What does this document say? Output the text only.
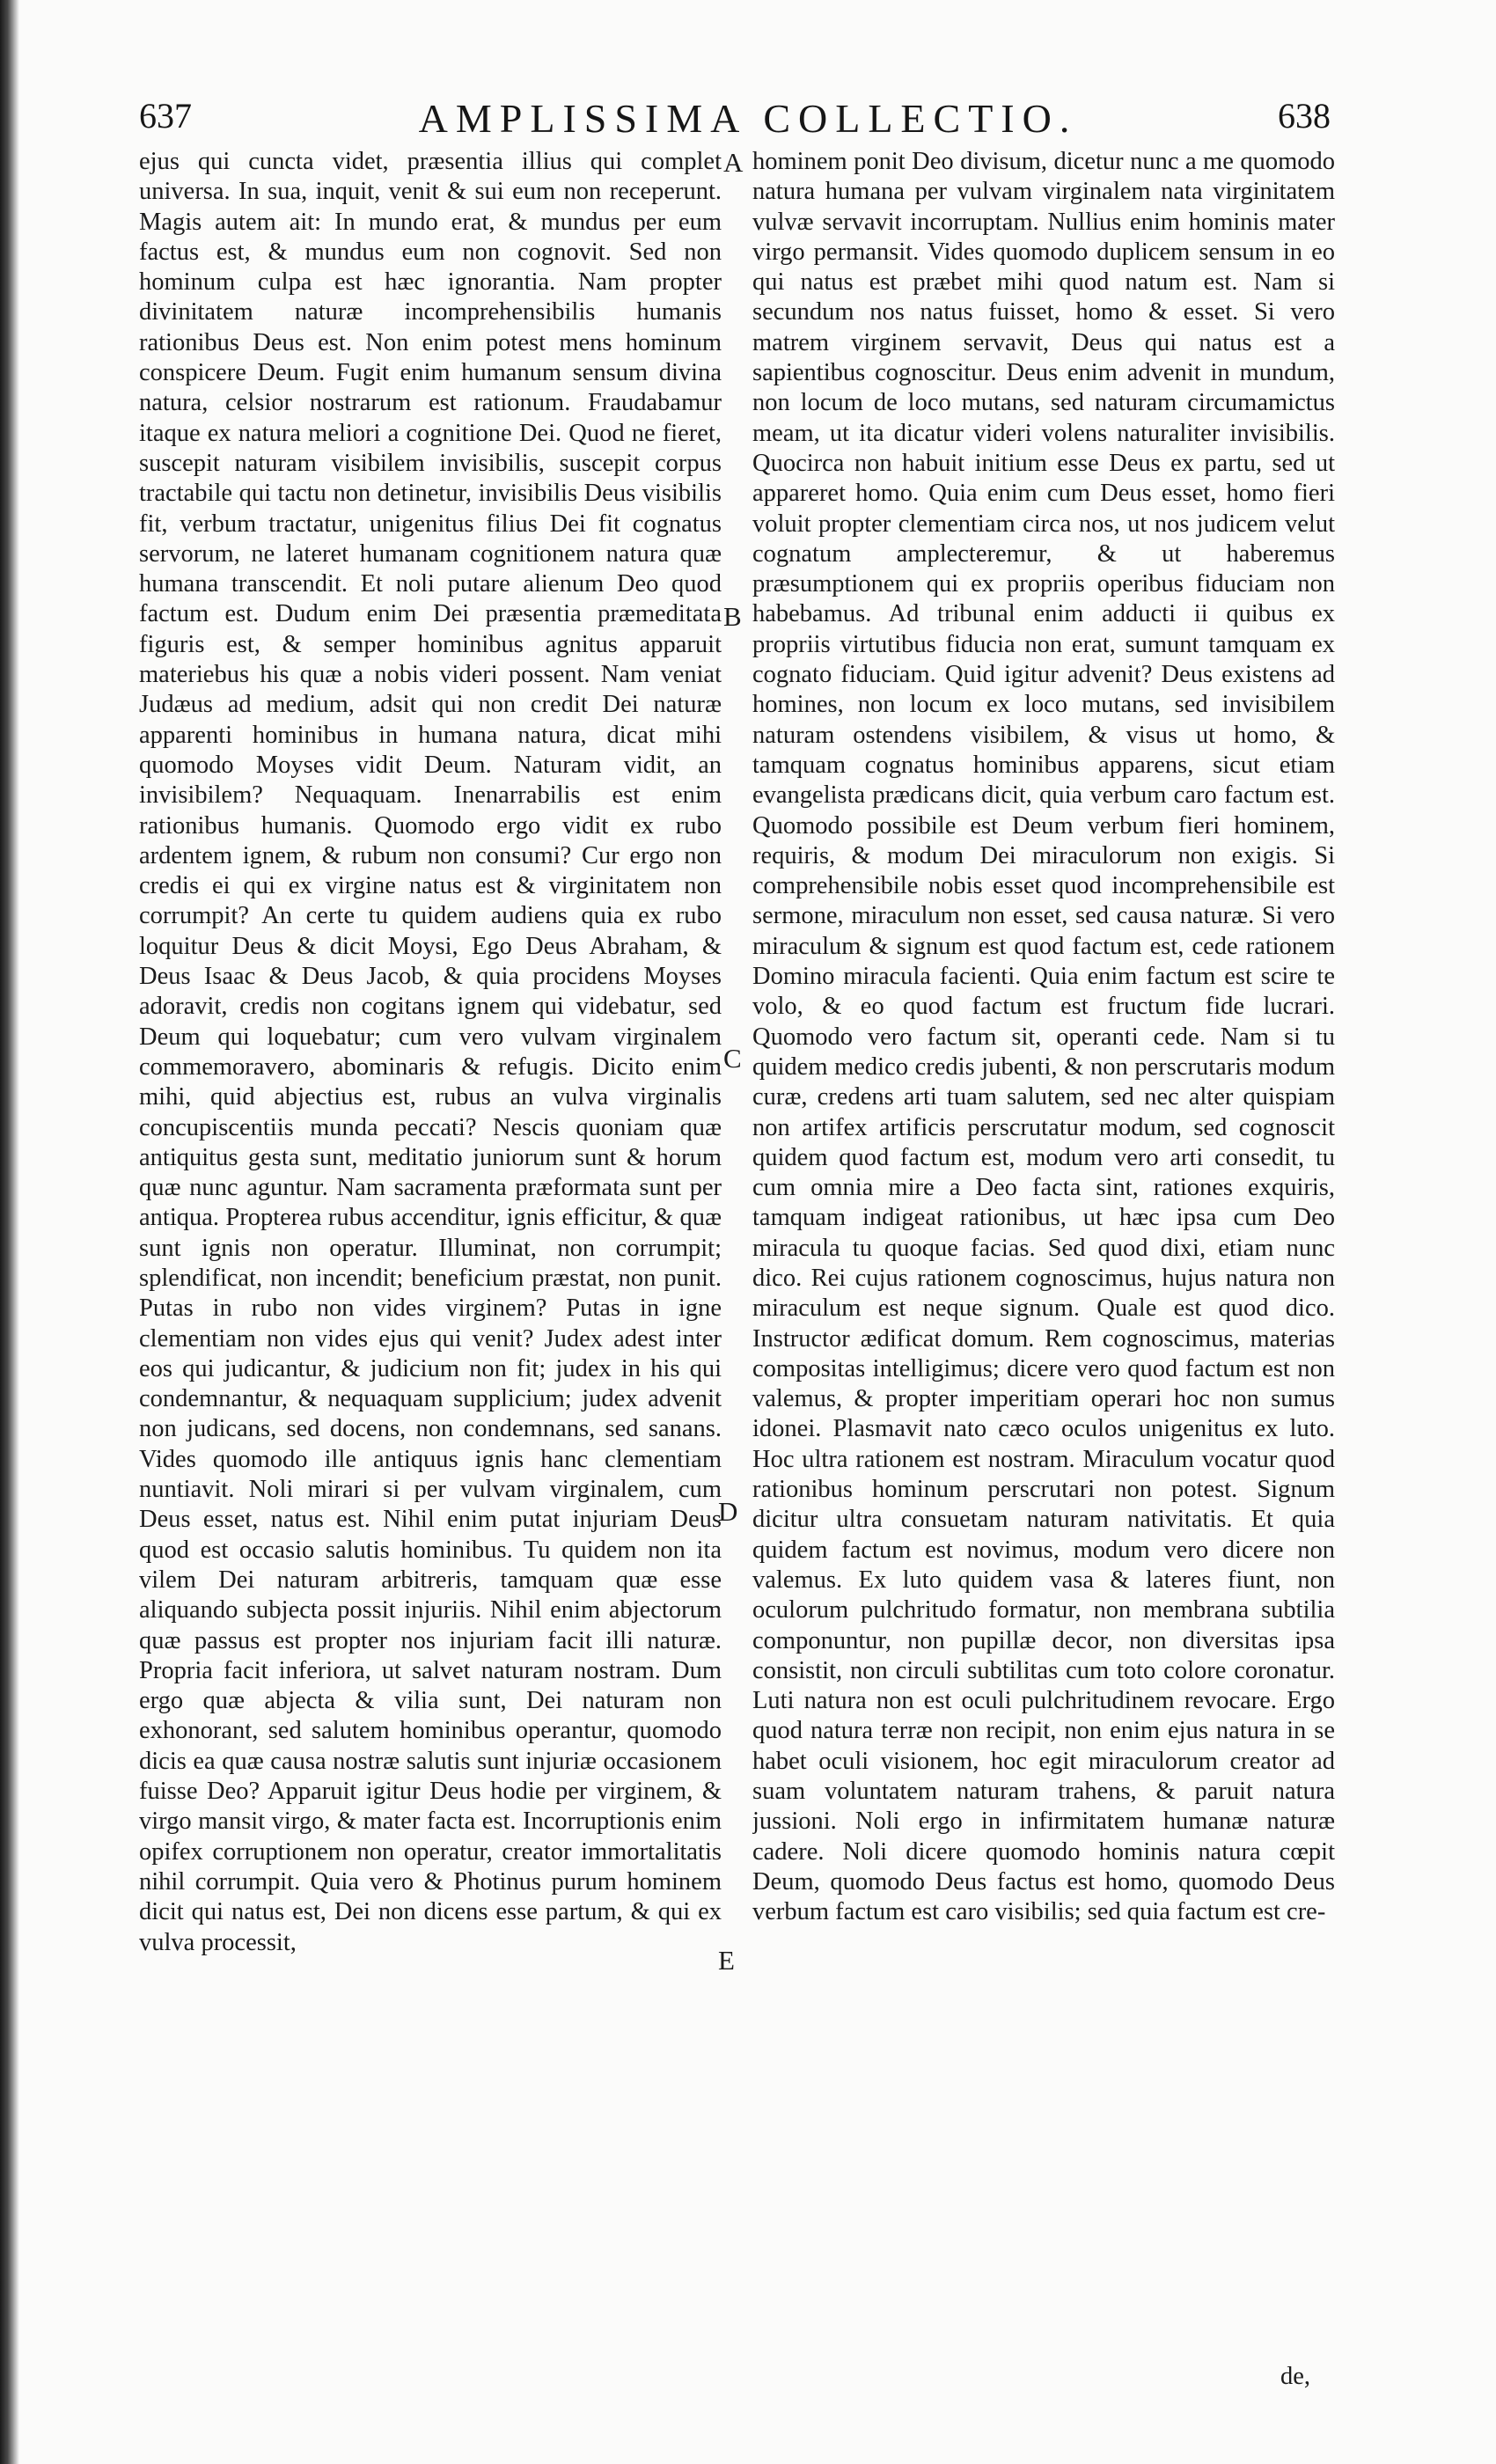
637	AMPLISSIMA COLLECTIO.	638

ejus qui cuncta videt, præsentia illius qui complet universa. In sua, inquit, venit & sui eum non receperunt. Magis autem ait: In mundo erat, & mundus per eum factus est, & mundus eum non cognovit. Sed non hominum culpa est hæc ignorantia. Nam propter divinitatem naturæ incomprehensibilis humanis rationibus Deus est. Non enim potest mens hominum conspicere Deum. Fugit enim humanum sensum divina natura, celsior nostrarum est rationum. Fraudabamur itaque ex natura meliori a cognitione Dei. Quod ne fieret, suscepit naturam visibilem invisibilis, suscepit corpus tractabile qui tactu non detinetur, invisibilis Deus visibilis fit, verbum tractatur, unigenitus filius Dei fit cognatus servorum, ne lateret humanam cognitionem natura quæ humana transcendit. Et noli putare alienum Deo quod factum est. Dudum enim Dei præsentia præmeditata figuris est, & semper hominibus agnitus apparuit materiebus his quæ a nobis videri possent. Nam veniat Judæus ad medium, adsit qui non credit Dei naturæ apparenti hominibus in humana natura, dicat mihi quomodo Moyses vidit Deum. Naturam vidit, an invisibilem? Nequaquam. Inenarrabilis est enim rationibus humanis. Quomodo ergo vidit ex rubo ardentem ignem, & rubum non consumi? Cur ergo non credis ei qui ex virgine natus est & virginitatem non corrumpit? An certe tu quidem audiens quia ex rubo loquitur Deus & dicit Moysi, Ego Deus Abraham, & Deus Isaac & Deus Jacob, & quia procidens Moyses adoravit, credis non cogitans ignem qui videbatur, sed Deum qui loquebatur; cum vero vulvam virginalem commemoravero, abominaris & refugis. Dicito enim mihi, quid abjectius est, rubus an vulva virginalis concupiscentiis munda peccati? Nescis quoniam quæ antiquitus gesta sunt, meditatio juniorum sunt & horum quæ nunc aguntur. Nam sacramenta præformata sunt per antiqua. Propterea rubus accenditur, ignis efficitur, & quæ sunt ignis non operatur. Illuminat, non corrumpit; splendificat, non incendit; beneficium præstat, non punit. Putas in rubo non vides virginem? Putas in igne clementiam non vides ejus qui venit? Judex adest inter eos qui judicantur, & judicium non fit; judex in his qui condemnantur, & nequaquam supplicium; judex advenit non judicans, sed docens, non condemnans, sed sanans. Vides quomodo ille antiquus ignis hanc clementiam nuntiavit. Noli mirari si per vulvam virginalem, cum Deus esset, natus est. Nihil enim putat injuriam Deus quod est occasio salutis hominibus. Tu quidem non ita vilem Dei naturam arbitreris, tamquam quæ esse aliquando subjecta possit injuriis. Nihil enim abjectorum quæ passus est propter nos injuriam facit illi naturæ. Propria facit inferiora, ut salvet naturam nostram. Dum ergo quæ abjecta & vilia sunt, Dei naturam non exhonorant, sed salutem hominibus operantur, quomodo dicis ea quæ causa nostræ salutis sunt injuriæ occasionem fuisse Deo? Apparuit igitur Deus hodie per virginem, & virgo mansit virgo, & mater facta est. Incorruptionis enim opifex corruptionem non operatur, creator immortalitatis nihil corrumpit. Quia vero & Photinus purum hominem dicit qui natus est, Dei non dicens esse partum, & qui ex vulva processit,

hominem ponit Deo divisum, dicetur nunc a me quomodo natura humana per vulvam virginalem nata virginitatem vulvæ servavit incorruptam. Nullius enim hominis mater virgo permansit. Vides quomodo duplicem sensum in eo qui natus est præbet mihi quod natum est. Nam si secundum nos natus fuisset, homo & esset. Si vero matrem virginem servavit, Deus qui natus est a sapientibus cognoscitur. Deus enim advenit in mundum, non locum de loco mutans, sed naturam circumamictus meam, ut ita dicatur videri volens naturaliter invisibilis. Quocirca non habuit initium esse Deus ex partu, sed ut appareret homo. Quia enim cum Deus esset, homo fieri voluit propter clementiam circa nos, ut nos judicem velut cognatum amplecteremur, & ut haberemus præsumptionem qui ex propriis operibus fiduciam non habebamus. Ad tribunal enim adducti ii quibus ex propriis virtutibus fiducia non erat, sumunt tamquam ex cognato fiduciam. Quid igitur advenit? Deus existens ad homines, non locum ex loco mutans, sed invisibilem naturam ostendens visibilem, & visus ut homo, & tamquam cognatus hominibus apparens, sicut etiam evangelista prædicans dicit, quia verbum caro factum est. Quomodo possibile est Deum verbum fieri hominem, requiris, & modum Dei miraculorum non exigis. Si comprehensibile nobis esset quod incomprehensibile est sermone, miraculum non esset, sed causa naturæ. Si vero miraculum & signum est quod factum est, cede rationem Domino miracula facienti. Quia enim factum est scire te volo, & eo quod factum est fructum fide lucrari. Quomodo vero factum sit, operanti cede. Nam si tu quidem medico credis jubenti, & non perscrutaris modum curæ, credens arti tuam salutem, sed nec alter quispiam non artifex artificis perscrutatur modum, sed cognoscit quidem quod factum est, modum vero arti consedit, tu cum omnia mire a Deo facta sint, rationes exquiris, tamquam indigeat rationibus, ut hæc ipsa cum Deo miracula tu quoque facias. Sed quod dixi, etiam nunc dico. Rei cujus rationem cognoscimus, hujus natura non miraculum est neque signum. Quale est quod dico. Instructor ædificat domum. Rem cognoscimus, materias compositas intelligimus; dicere vero quod factum est non valemus, & propter imperitiam operari hoc non sumus idonei. Plasmavit nato cæco oculos unigenitus ex luto. Hoc ultra rationem est nostram. Miraculum vocatur quod rationibus hominum perscrutari non potest. Signum dicitur ultra consuetam naturam nativitatis. Et quia quidem factum est novimus, modum vero dicere non valemus. Ex luto quidem vasa & lateres fiunt, non oculorum pulchritudo formatur, non membrana subtilia componuntur, non pupillæ decor, non diversitas ipsa consistit, non circuli subtilitas cum toto colore coronatur. Luti natura non est oculi pulchritudinem revocare. Ergo quod natura terræ non recipit, non enim ejus natura in se habet oculi visionem, hoc egit miraculorum creator ad suam voluntatem naturam trahens, & paruit natura jussioni. Noli ergo in infirmitatem humanæ naturæ cadere. Noli dicere quomodo hominis natura cœpit Deum, quomodo Deus factus est homo, quomodo Deus verbum factum est caro visibilis; sed quia factum est cre-

A
B
C
D
E
de,
